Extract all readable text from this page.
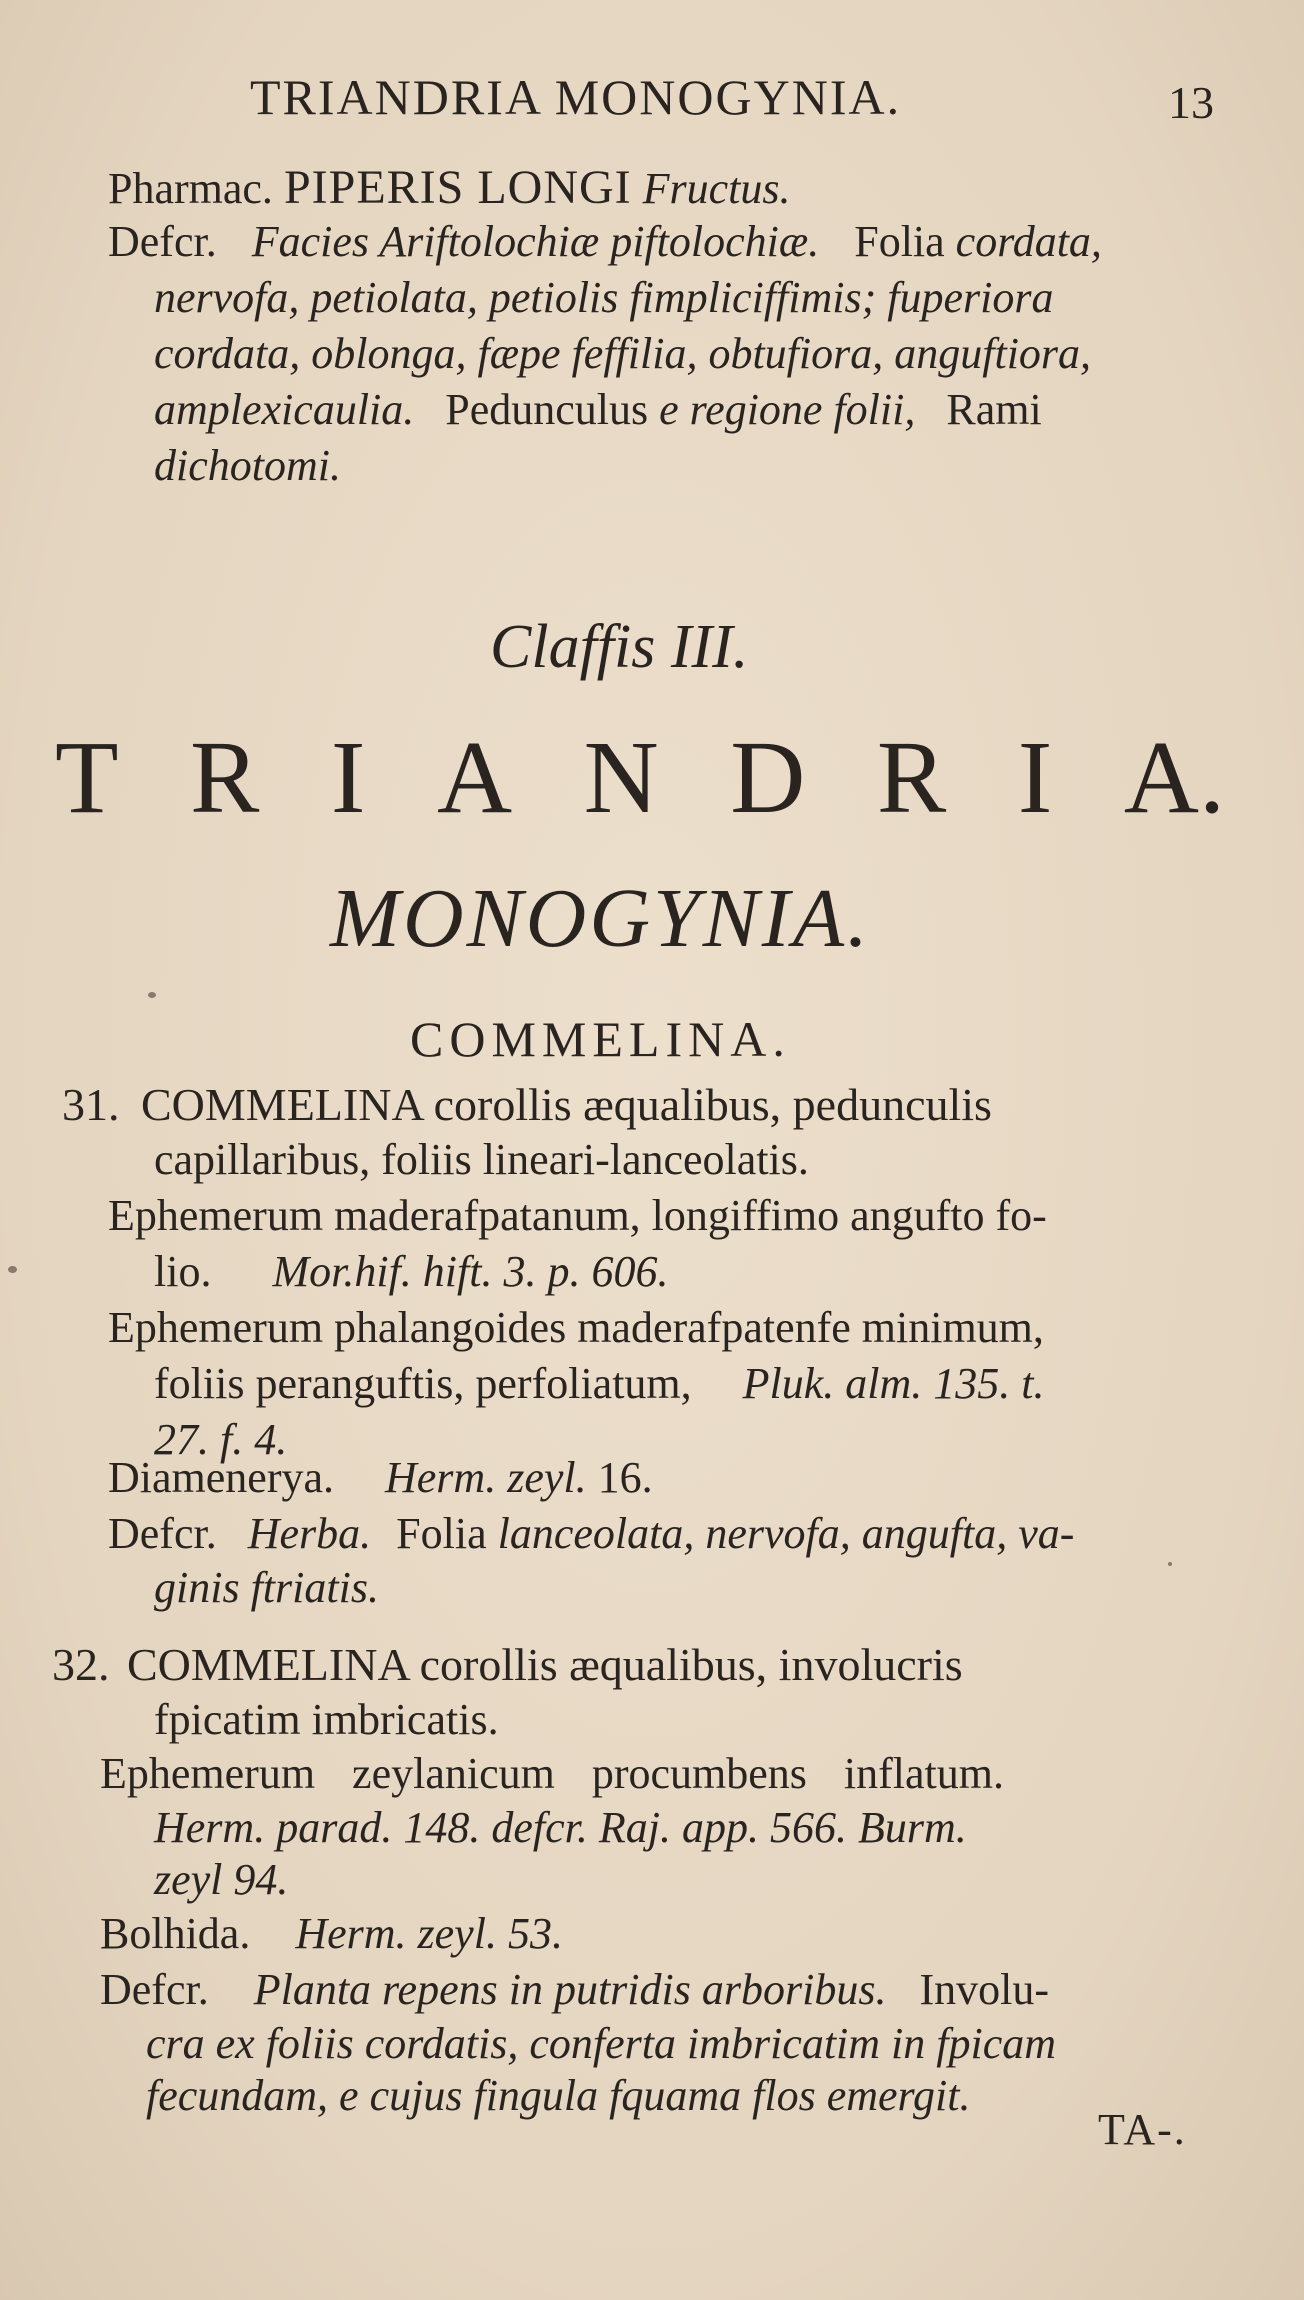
TRIANDRIA MONOGYNIA.	13
Pharmac. PIPERIS LONGI Fructus.
Defcr. Facies Ariftolochiæ piftolochiæ. Folia cordata,
nervofa, petiolata, petiolis fimpliciffimis; fuperiora
cordata, oblonga, fæpe feffilia, obtufiora, anguftiora,
amplexicaulia. Pedunculus e regione folii, Rami
dichotomi.
Claffis III.
T R I A N D R I A.
MONOGYNIA.
COMMELINA.
31. COMMELINA corollis æqualibus, pedunculis
capillaribus, foliis lineari-lanceolatis.
Ephemerum maderafpatanum, longiffimo angufto fo-
lio. Mor.hif. hift. 3. p. 606.
Ephemerum phalangoides maderafpatenfe minimum,
foliis peranguftis, perfoliatum, Pluk. alm. 135. t.
27. f. 4.
Diamenerya. Herm. zeyl. 16.
Defcr. Herba. Folia lanceolata, nervofa, angufta, va-
ginis ftriatis.
32. COMMELINA corollis æqualibus, involucris
fpicatim imbricatis.
Ephemerum zeylanicum procumbens inflatum.
Herm. parad. 148. defcr. Raj. app. 566. Burm.
zeyl 94.
Bolhida. Herm. zeyl. 53.
Defcr. Planta repens in putridis arboribus. Involu-
cra ex foliis cordatis, conferta imbricatim in fpicam
fecundam, e cujus fingula fquama flos emergit.
TA-.
